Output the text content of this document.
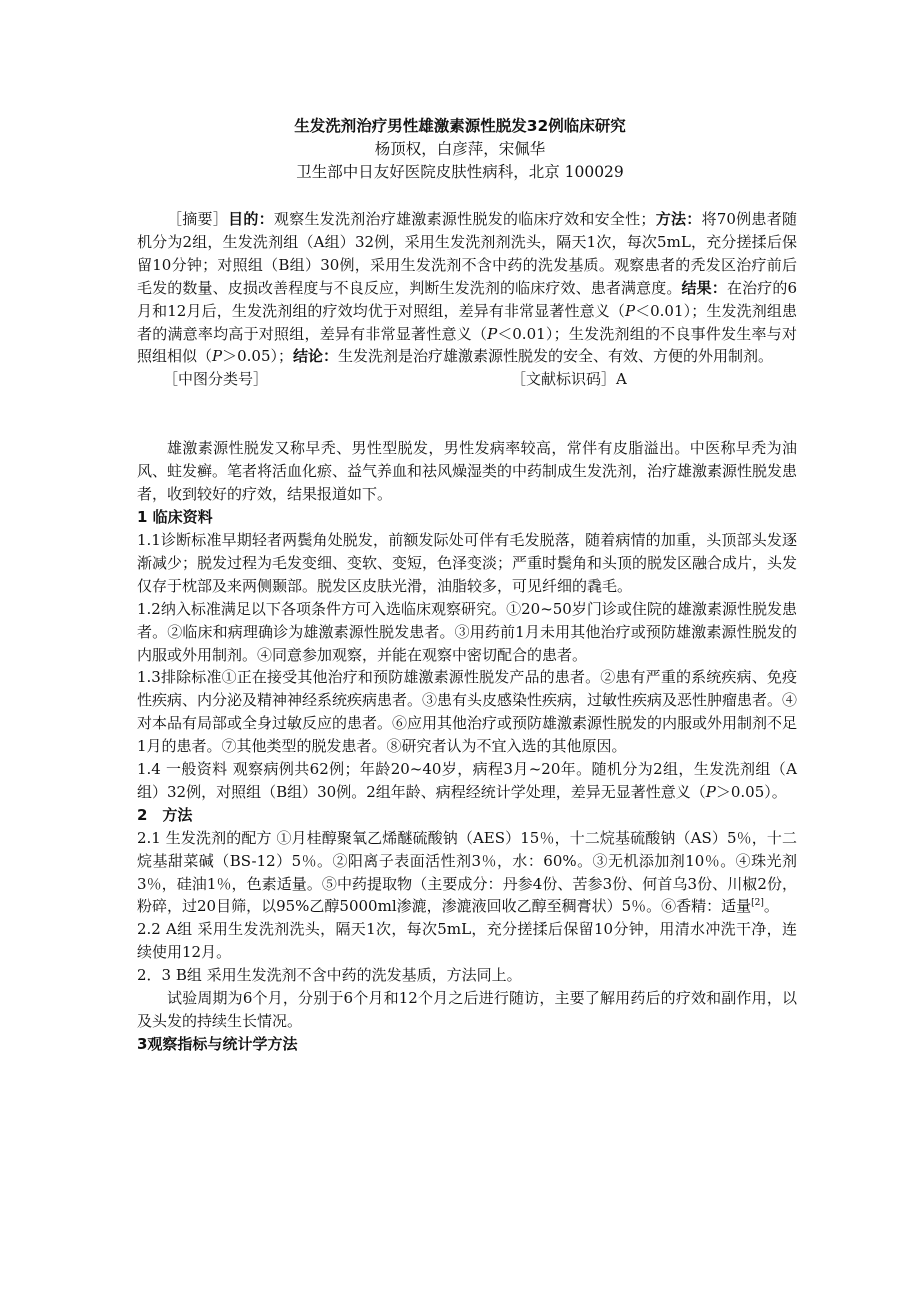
生发洗剂治疗男性雄激素源性脱发32例临床研究
杨顶权，白彦萍，宋佩华
卫生部中日友好医院皮肤性病科，北京 100029

［摘要］目的：观察生发洗剂治疗雄激素源性脱发的临床疗效和安全性；方法：将70例患者随机分为2组，生发洗剂组（A组）32例，采用生发洗剂剂洗头，隔天1次，每次5mL，充分搓揉后保留10分钟；对照组（B组）30例，采用生发洗剂不含中药的洗发基质。观察患者的秃发区治疗前后毛发的数量、皮损改善程度与不良反应，判断生发洗剂的临床疗效、患者满意度。结果：在治疗的6月和12月后，生发洗剂组的疗效均优于对照组，差异有非常显著性意义（P＜0.01）；生发洗剂组患者的满意率均高于对照组，差异有非常显著性意义（P＜0.01）；生发洗剂组的不良事件发生率与对照组相似（P＞0.05）；结论：生发洗剂是治疗雄激素源性脱发的安全、有效、方便的外用制剂。

［中图分类号］	［文献标识码］A

雄激素源性脱发又称早秃、男性型脱发，男性发病率较高，常伴有皮脂溢出。中医称早秃为油风、蛀发癣。笔者将活血化瘀、益气养血和祛风燥湿类的中药制成生发洗剂，治疗雄激素源性脱发患者，收到较好的疗效，结果报道如下。

1 临床资料

1.1诊断标准早期轻者两鬓角处脱发，前额发际处可伴有毛发脱落，随着病情的加重，头顶部头发逐渐减少；脱发过程为毛发变细、变软、变短，色泽变淡；严重时鬓角和头顶的脱发区融合成片，头发仅存于枕部及来两侧颞部。脱发区皮肤光滑，油脂较多，可见纤细的毳毛。

1.2纳入标准满足以下各项条件方可入选临床观察研究。①20~50岁门诊或住院的雄激素源性脱发患者。②临床和病理确诊为雄激素源性脱发患者。③用药前1月未用其他治疗或预防雄激素源性脱发的内服或外用制剂。④同意参加观察，并能在观察中密切配合的患者。

1.3排除标准①正在接受其他治疗和预防雄激素源性脱发产品的患者。②患有严重的系统疾病、免疫性疾病、内分泌及精神神经系统疾病患者。③患有头皮感染性疾病，过敏性疾病及恶性肿瘤患者。④对本品有局部或全身过敏反应的患者。⑥应用其他治疗或预防雄激素源性脱发的内服或外用制剂不足1月的患者。⑦其他类型的脱发患者。⑧研究者认为不宜入选的其他原因。

1.4 一般资料 观察病例共62例；年龄20~40岁，病程3月~20年。随机分为2组，生发洗剂组（A组）32例，对照组（B组）30例。2组年龄、病程经统计学处理，差异无显著性意义（P＞0.05）。

2　方法

2.1 生发洗剂的配方 ①月桂醇聚氧乙烯醚硫酸钠（AES）15％，十二烷基硫酸钠（AS）5％，十二烷基甜菜碱（BS-12）5％。②阳离子表面活性剂3％，水：60%。③无机添加剂10％。④珠光剂3％，硅油1％，色素适量。⑤中药提取物（主要成分：丹参4份、苦参3份、何首乌3份、川椒2份，粉碎，过20目筛，以95%乙醇5000ml渗漉，渗漉液回收乙醇至稠膏状）5％。⑥香精：适量[2]。

2.2 A组 采用生发洗剂洗头，隔天1次，每次5mL，充分搓揉后保留10分钟，用清水冲洗干净，连续使用12月。

2．3 B组 采用生发洗剂不含中药的洗发基质，方法同上。

试验周期为6个月，分别于6个月和12个月之后进行随访，主要了解用药后的疗效和副作用，以及头发的持续生长情况。

3观察指标与统计学方法
